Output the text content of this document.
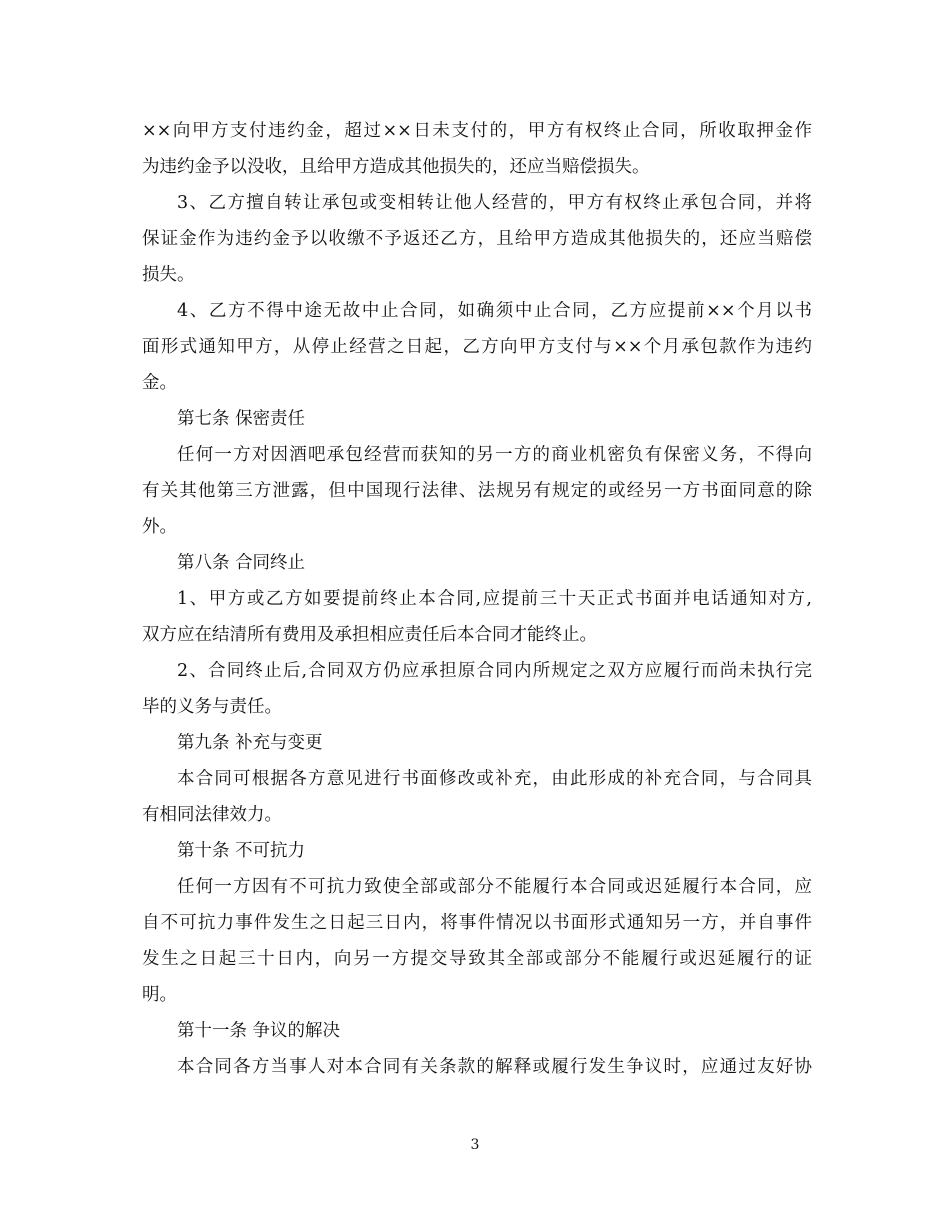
××向甲方支付违约金，超过××日未支付的，甲方有权终止合同，所收取押金作

为违约金予以没收，且给甲方造成其他损失的，还应当赔偿损失。

3、乙方擅自转让承包或变相转让他人经营的，甲方有权终止承包合同，并将

保证金作为违约金予以收缴不予返还乙方，且给甲方造成其他损失的，还应当赔偿

损失。

4、乙方不得中途无故中止合同，如确须中止合同，乙方应提前××个月以书

面形式通知甲方，从停止经营之日起，乙方向甲方支付与××个月承包款作为违约

金。

第七条 保密责任

任何一方对因酒吧承包经营而获知的另一方的商业机密负有保密义务，不得向

有关其他第三方泄露，但中国现行法律、法规另有规定的或经另一方书面同意的除

外。

第八条 合同终止

1、甲方或乙方如要提前终止本合同,应提前三十天正式书面并电话通知对方,

双方应在结清所有费用及承担相应责任后本合同才能终止。

2、合同终止后,合同双方仍应承担原合同内所规定之双方应履行而尚未执行完

毕的义务与责任。

第九条 补充与变更

本合同可根据各方意见进行书面修改或补充，由此形成的补充合同，与合同具

有相同法律效力。

第十条 不可抗力

任何一方因有不可抗力致使全部或部分不能履行本合同或迟延履行本合同，应

自不可抗力事件发生之日起三日内，将事件情况以书面形式通知另一方，并自事件

发生之日起三十日内，向另一方提交导致其全部或部分不能履行或迟延履行的证

明。

第十一条 争议的解决

本合同各方当事人对本合同有关条款的解释或履行发生争议时，应通过友好协

3
